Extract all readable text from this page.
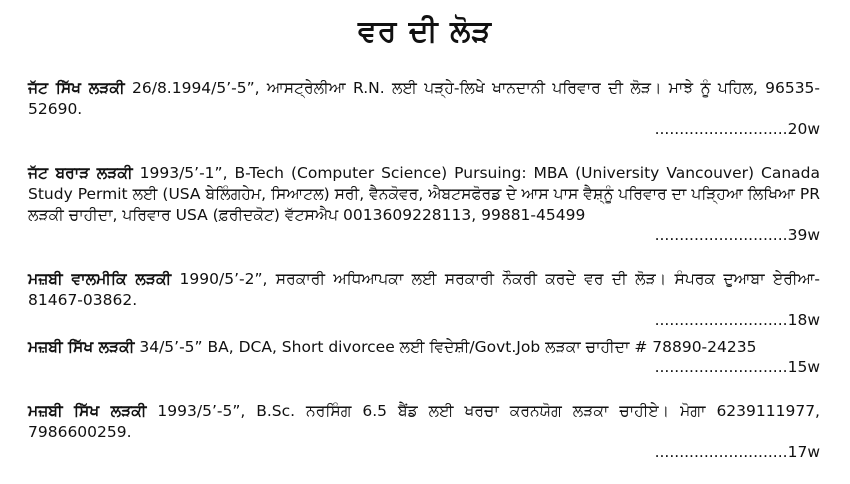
ਵਰ ਦੀ ਲੋੜ
ਜੱਟ ਸਿੱਖ ਲੜਕੀ 26/8.1994/5’-5”, ਆਸਟ੍ਰੇਲੀਆ R.N. ਲਈ ਪੜ੍ਹੇ-ਲਿਖੇ ਖਾਨਦਾਨੀ ਪਰਿਵਾਰ ਦੀ ਲੋੜ। ਮਾਝੇ ਨੂੰ ਪਹਿਲ, 96535-52690.
...........................20w
ਜੱਟ ਬਰਾੜ ਲੜਕੀ 1993/5’-1”, B-Tech (Computer Science) Pursuing: MBA (University Vancouver) Canada Study Permit ਲਈ (USA ਬੇਲਿੰਗਹੇਮ, ਸਿਆਟਲ) ਸਰੀ, ਵੈਨਕੋਵਰ, ਐਬਟਸਫੋਰਡ ਦੇ ਆਸ ਪਾਸ ਵੈਸ਼੍ਨੂੰ ਪਰਿਵਾਰ ਦਾ ਪੜ੍ਹਿਆ ਲਿਖਿਆ PR ਲੜਕੀ ਚਾਹੀਦਾ, ਪਰਿਵਾਰ USA (ਫ਼ਰੀਦਕੋਟ) ਵੱਟਸਐਪ 0013609228113, 99881-45499
...........................39w
ਮਜ਼ਬੀ ਵਾਲਮੀਕਿ ਲੜਕੀ 1990/5’-2”, ਸਰਕਾਰੀ ਅਧਿਆਪਕਾ ਲਈ ਸਰਕਾਰੀ ਨੌਕਰੀ ਕਰਦੇ ਵਰ ਦੀ ਲੋੜ। ਸੰਪਰਕ ਦੁਆਬਾ ਏਰੀਆ- 81467-03862.
...........................18w
ਮਜ਼ਬੀ ਸਿੱਖ ਲੜਕੀ 34/5’-5” BA, DCA, Short divorcee ਲਈ ਵਿਦੇਸ਼ੀ/Govt.Job ਲੜਕਾ ਚਾਹੀਦਾ # 78890-24235
...........................15w
ਮਜ਼ਬੀ ਸਿੱਖ ਲੜਕੀ 1993/5’-5”, B.Sc. ਨਰਸਿੰਗ 6.5 ਬੈਂਡ ਲਈ ਖਰਚਾ ਕਰਨਯੋਗ ਲੜਕਾ ਚਾਹੀਏ। ਮੋਗਾ 6239111977, 7986600259.
...........................17w
